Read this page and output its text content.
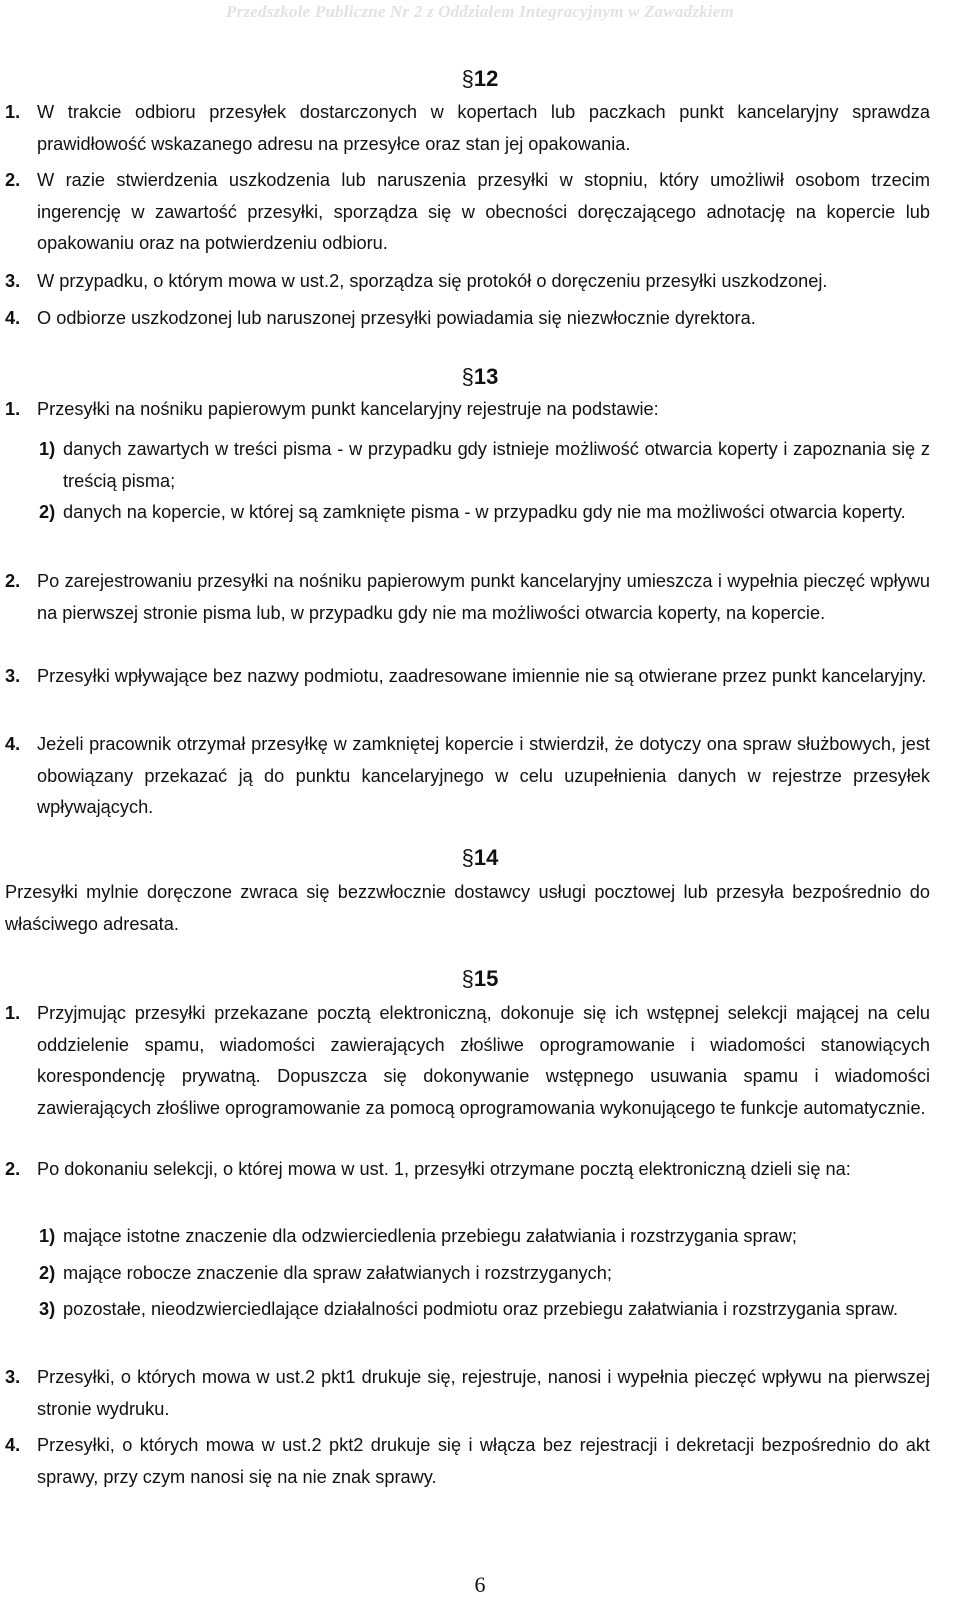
Przedszkole Publiczne Nr 2 z Oddziałem Integracyjnym w Zawadzkiem
§12
1. W trakcie odbioru przesyłek dostarczonych w kopertach lub paczkach punkt kancelaryjny sprawdza prawidłowość wskazanego adresu na przesyłce oraz stan jej opakowania.
2. W razie stwierdzenia uszkodzenia lub naruszenia przesyłki w stopniu, który umożliwił osobom trzecim ingerencję w zawartość przesyłki, sporządza się w obecności doręczającego adnotację na kopercie lub opakowaniu oraz na potwierdzeniu odbioru.
3. W przypadku, o którym mowa w ust.2, sporządza się protokół o doręczeniu przesyłki uszkodzonej.
4. O odbiorze uszkodzonej lub naruszonej przesyłki powiadamia się niezwłocznie dyrektora.
§13
1. Przesyłki na nośniku papierowym punkt kancelaryjny rejestruje na podstawie:
1) danych zawartych w treści pisma - w przypadku gdy istnieje możliwość otwarcia koperty i zapoznania się z treścią pisma;
2) danych na kopercie, w której są zamknięte pisma - w przypadku gdy nie ma możliwości otwarcia koperty.
2. Po zarejestrowaniu przesyłki na nośniku papierowym punkt kancelaryjny umieszcza i wypełnia pieczęć wpływu na pierwszej stronie pisma lub, w przypadku gdy nie ma możliwości otwarcia koperty, na kopercie.
3. Przesyłki wpływające bez nazwy podmiotu, zaadresowane imiennie nie są otwierane przez punkt kancelaryjny.
4. Jeżeli pracownik otrzymał przesyłkę w zamkniętej kopercie i stwierdził, że dotyczy ona spraw służbowych, jest obowiązany przekazać ją do punktu kancelaryjnego w celu uzupełnienia danych w rejestrze przesyłek wpływających.
§14
Przesyłki mylnie doręczone zwraca się bezzwłocznie dostawcy usługi pocztowej lub przesyła bezpośrednio do właściwego adresata.
§15
1. Przyjmując przesyłki przekazane pocztą elektroniczną, dokonuje się ich wstępnej selekcji mającej na celu oddzielenie spamu, wiadomości zawierających złośliwe oprogramowanie i wiadomości stanowiących korespondencję prywatną. Dopuszcza się dokonywanie wstępnego usuwania spamu i wiadomości zawierających złośliwe oprogramowanie za pomocą oprogramowania wykonującego te funkcje automatycznie.
2. Po dokonaniu selekcji, o której mowa w ust. 1, przesyłki otrzymane pocztą elektroniczną dzieli się na:
1) mające istotne znaczenie dla odzwierciedlenia przebiegu załatwiania i rozstrzygania spraw;
2) mające robocze znaczenie dla spraw załatwianych i rozstrzyganych;
3) pozostałe, nieodzwierciedlające działalności podmiotu oraz przebiegu załatwiania i rozstrzygania spraw.
3. Przesyłki, o których mowa w ust.2 pkt1 drukuje się, rejestruje, nanosi i wypełnia pieczęć wpływu na pierwszej stronie wydruku.
4. Przesyłki, o których mowa w ust.2 pkt2 drukuje się i włącza bez rejestracji i dekretacji bezpośrednio do akt sprawy, przy czym nanosi się na nie znak sprawy.
6
